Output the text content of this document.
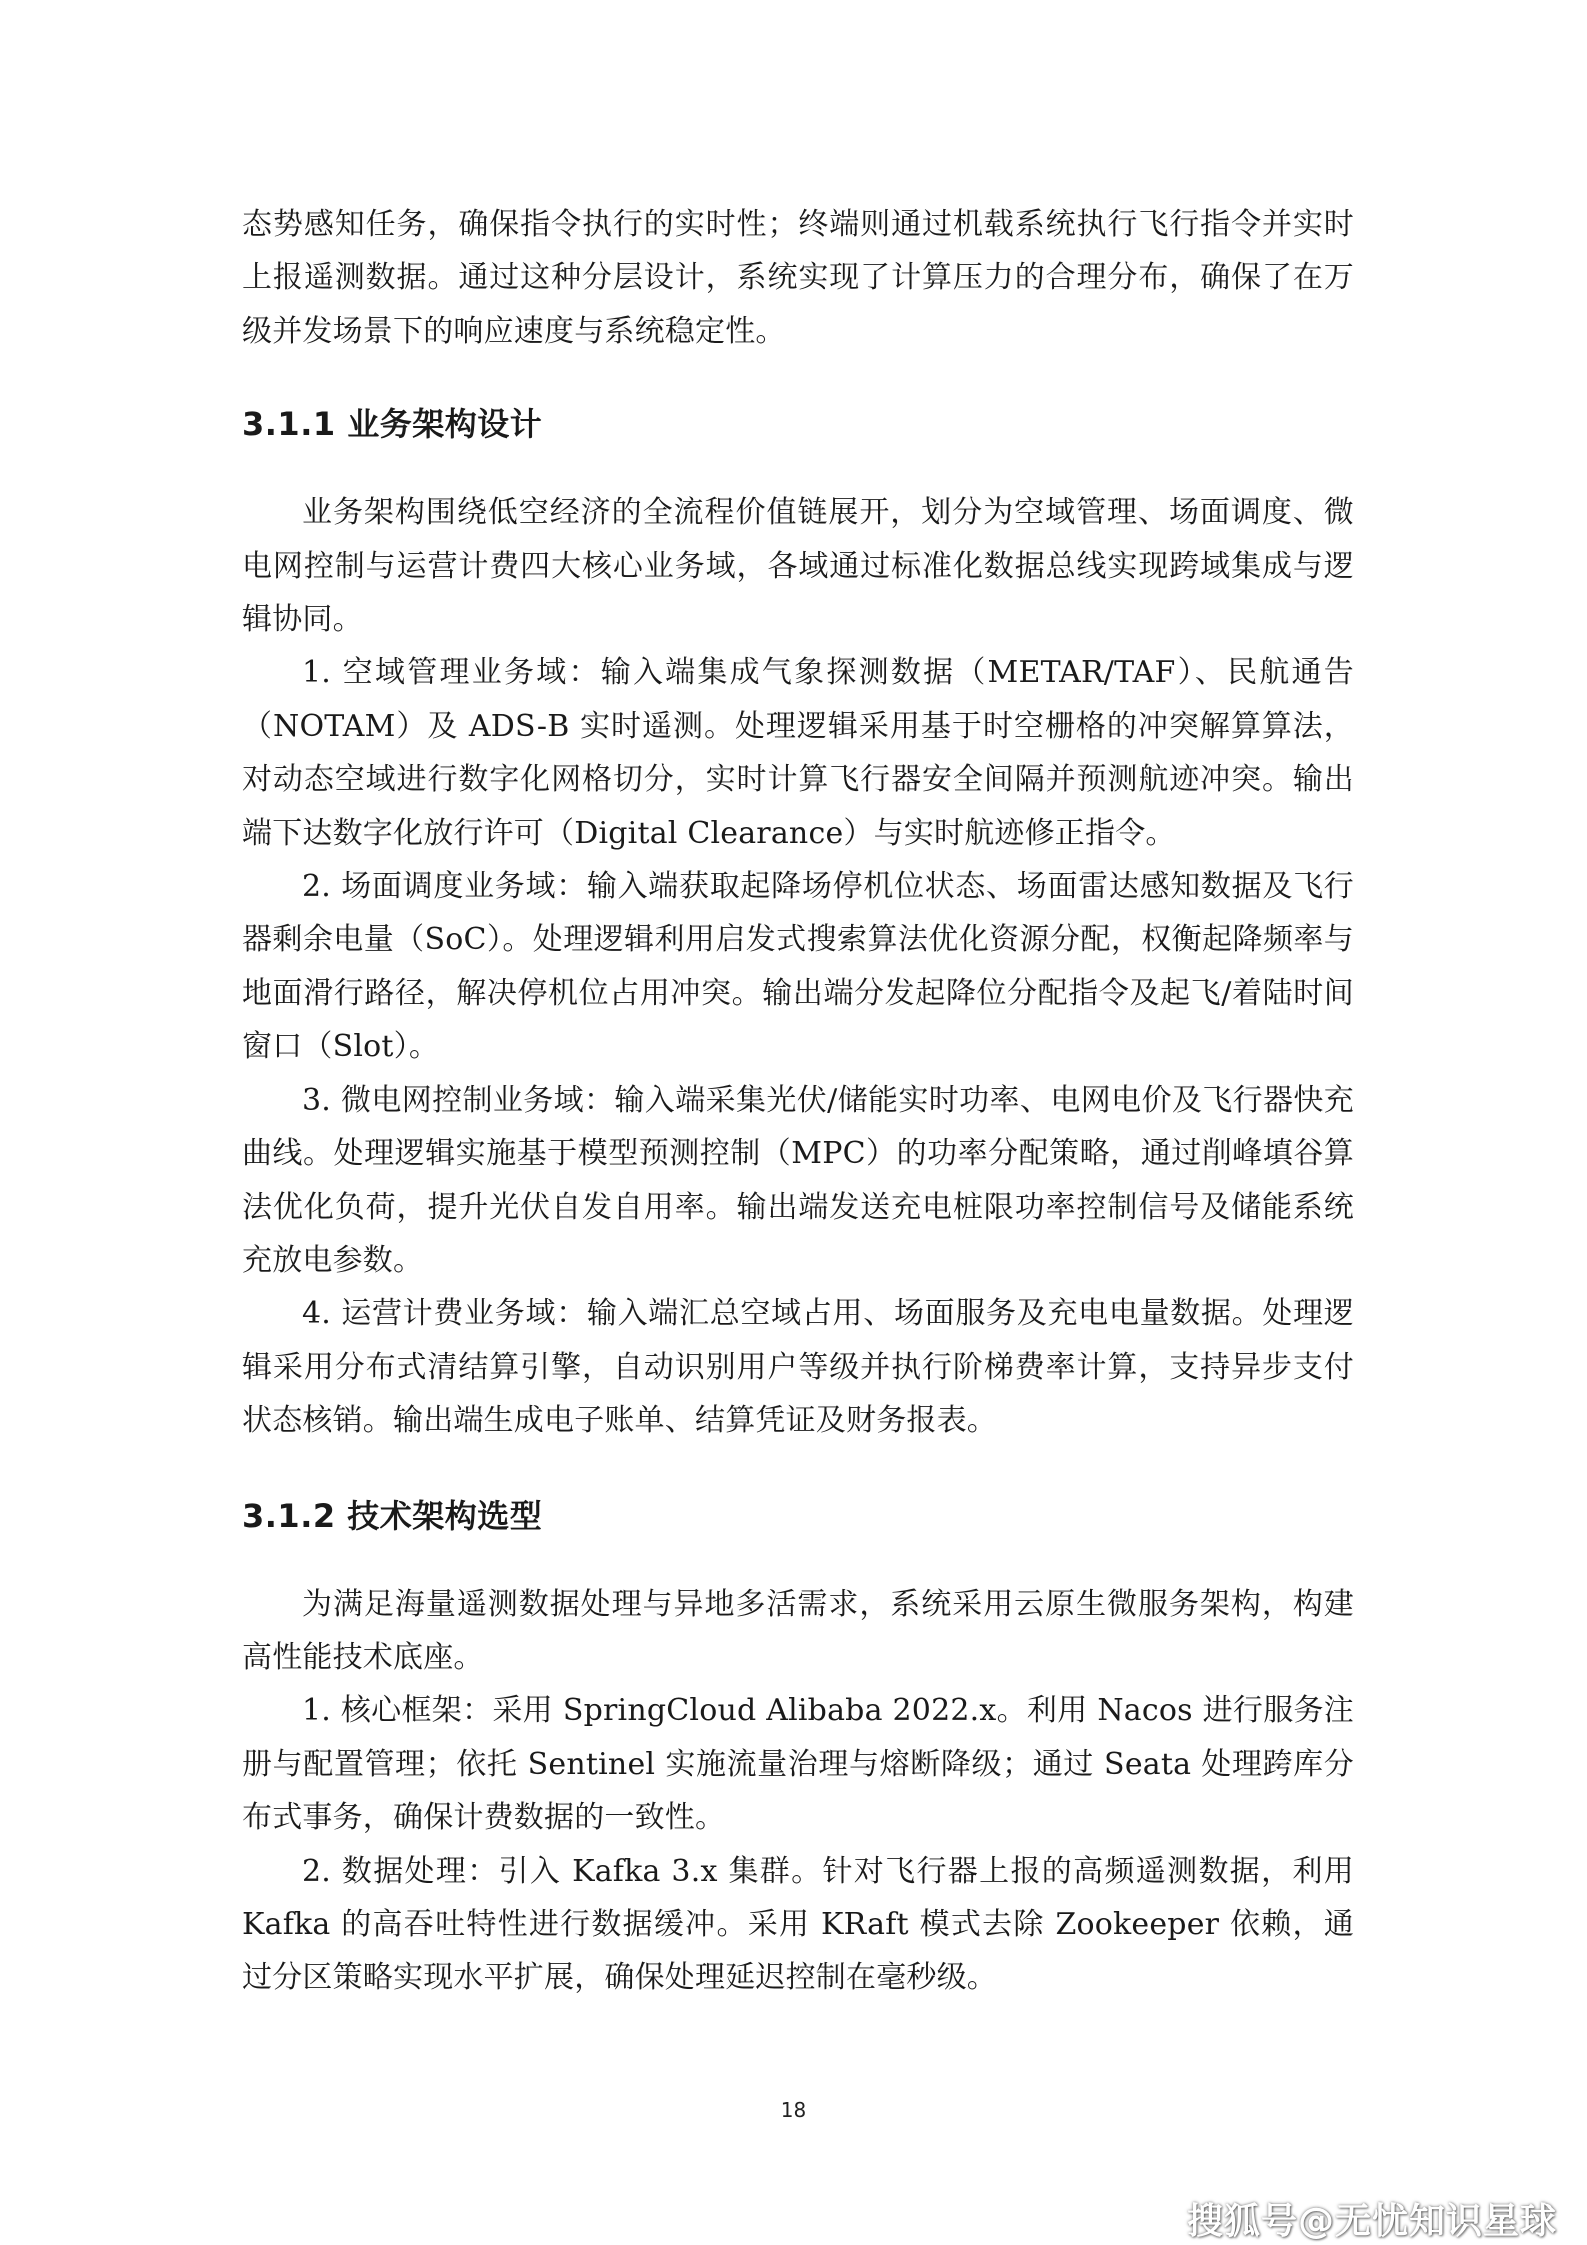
态势感知任务，确保指令执行的实时性；终端则通过机载系统执行飞行指令并实时上报遥测数据。通过这种分层设计，系统实现了计算压力的合理分布，确保了在万级并发场景下的响应速度与系统稳定性。

3.1.1 业务架构设计

业务架构围绕低空经济的全流程价值链展开，划分为空域管理、场面调度、微电网控制与运营计费四大核心业务域，各域通过标准化数据总线实现跨域集成与逻辑协同。

1. 空域管理业务域：输入端集成气象探测数据（METAR/TAF）、民航通告（NOTAM）及 ADS-B 实时遥测。处理逻辑采用基于时空栅格的冲突解算算法，对动态空域进行数字化网格切分，实时计算飞行器安全间隔并预测航迹冲突。输出端下达数字化放行许可（Digital Clearance）与实时航迹修正指令。

2. 场面调度业务域：输入端获取起降场停机位状态、场面雷达感知数据及飞行器剩余电量（SoC）。处理逻辑利用启发式搜索算法优化资源分配，权衡起降频率与地面滑行路径，解决停机位占用冲突。输出端分发起降位分配指令及起飞/着陆时间窗口（Slot）。

3. 微电网控制业务域：输入端采集光伏/储能实时功率、电网电价及飞行器快充曲线。处理逻辑实施基于模型预测控制（MPC）的功率分配策略，通过削峰填谷算法优化负荷，提升光伏自发自用率。输出端发送充电桩限功率控制信号及储能系统充放电参数。

4. 运营计费业务域：输入端汇总空域占用、场面服务及充电电量数据。处理逻辑采用分布式清结算引擎，自动识别用户等级并执行阶梯费率计算，支持异步支付状态核销。输出端生成电子账单、结算凭证及财务报表。

3.1.2 技术架构选型

为满足海量遥测数据处理与异地多活需求，系统采用云原生微服务架构，构建高性能技术底座。

1. 核心框架：采用 SpringCloud Alibaba 2022.x。利用 Nacos 进行服务注册与配置管理；依托 Sentinel 实施流量治理与熔断降级；通过 Seata 处理跨库分布式事务，确保计费数据的一致性。

2. 数据处理：引入 Kafka 3.x 集群。针对飞行器上报的高频遥测数据，利用 Kafka 的高吞吐特性进行数据缓冲。采用 KRaft 模式去除 Zookeeper 依赖，通过分区策略实现水平扩展，确保处理延迟控制在毫秒级。

18
搜狐号@无忧知识星球
